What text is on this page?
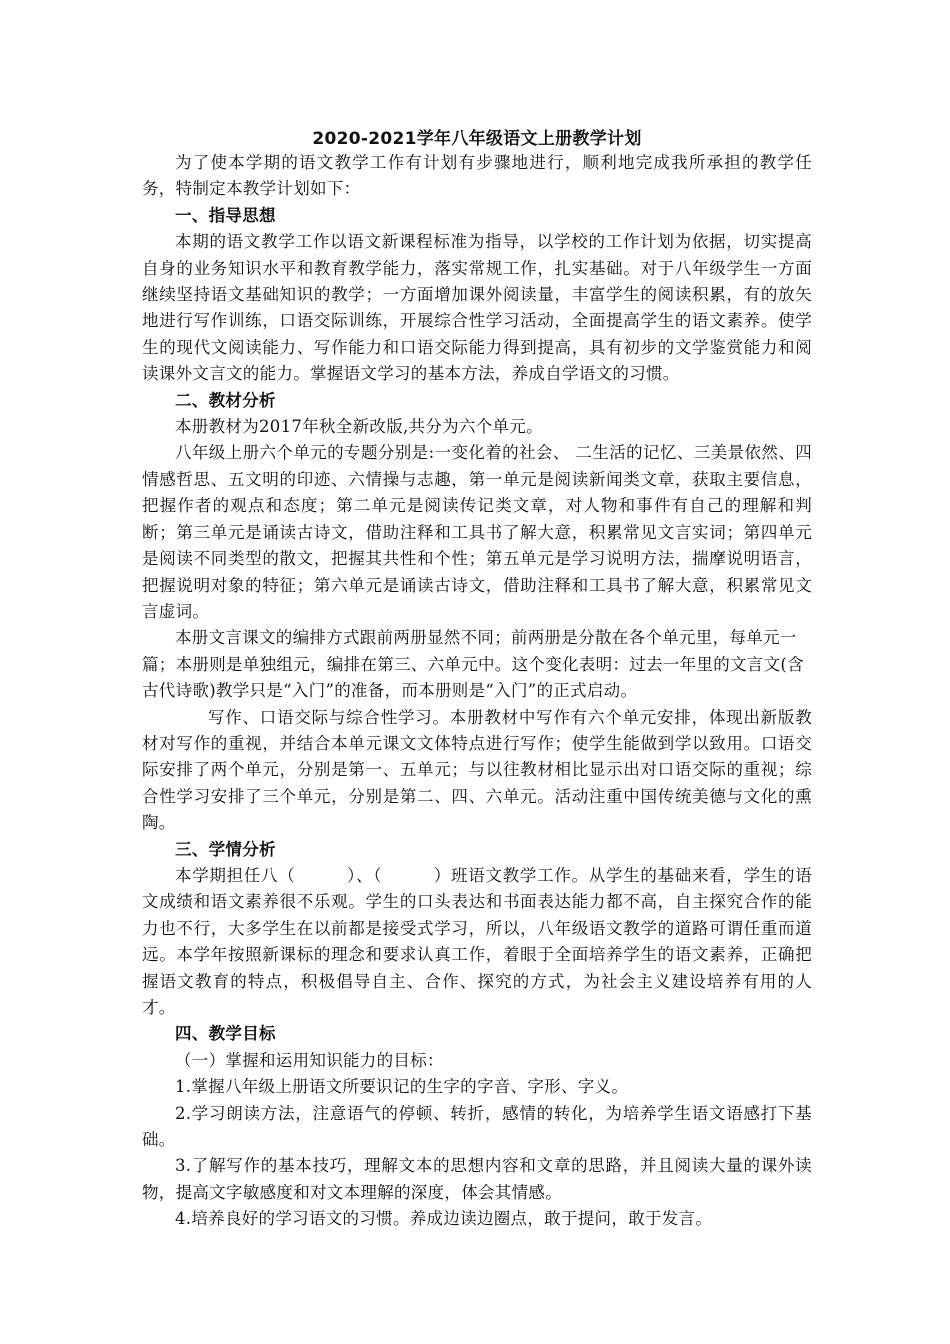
2020-2021学年八年级语文上册教学计划

为了使本学期的语文教学工作有计划有步骤地进行，顺利地完成我所承担的教学任务，特制定本教学计划如下：

一、指导思想

本期的语文教学工作以语文新课程标准为指导，以学校的工作计划为依据，切实提高自身的业务知识水平和教育教学能力，落实常规工作，扎实基础。对于八年级学生一方面继续坚持语文基础知识的教学；一方面增加课外阅读量，丰富学生的阅读积累，有的放矢地进行写作训练，口语交际训练，开展综合性学习活动，全面提高学生的语文素养。使学生的现代文阅读能力、写作能力和口语交际能力得到提高，具有初步的文学鉴赏能力和阅读课外文言文的能力。掌握语文学习的基本方法，养成自学语文的习惯。

二、教材分析

本册教材为2017年秋全新改版,共分为六个单元。

八年级上册六个单元的专题分别是:一变化着的社会、 二生活的记忆、三美景依然、四情感哲思、五文明的印迹、六情操与志趣，第一单元是阅读新闻类文章，获取主要信息，把握作者的观点和态度；第二单元是阅读传记类文章，对人物和事件有自己的理解和判断；第三单元是诵读古诗文，借助注释和工具书了解大意，积累常见文言实词；第四单元是阅读不同类型的散文，把握其共性和个性；第五单元是学习说明方法，揣摩说明语言，把握说明对象的特征；第六单元是诵读古诗文，借助注释和工具书了解大意，积累常见文言虚词。

本册文言课文的编排方式跟前两册显然不同；前两册是分散在各个单元里，每单元一篇；本册则是单独组元，编排在第三、六单元中。这个变化表明：过去一年里的文言文(含古代诗歌)教学只是“入门”的准备，而本册则是“入门”的正式启动。

写作、口语交际与综合性学习。本册教材中写作有六个单元安排，体现出新版教材对写作的重视，并结合本单元课文文体特点进行写作；使学生能做到学以致用。口语交际安排了两个单元，分别是第一、五单元；与以往教材相比显示出对口语交际的重视；综合性学习安排了三个单元，分别是第二、四、六单元。活动注重中国传统美德与文化的熏陶。

三、学情分析

本学期担任八（　　　）、（　　　）班语文教学工作。从学生的基础来看，学生的语文成绩和语文素养很不乐观。学生的口头表达和书面表达能力都不高，自主探究合作的能力也不行，大多学生在以前都是接受式学习，所以，八年级语文教学的道路可谓任重而道远。本学年按照新课标的理念和要求认真工作，着眼于全面培养学生的语文素养，正确把握语文教育的特点，积极倡导自主、合作、探究的方式，为社会主义建设培养有用的人才。

四、教学目标

（一）掌握和运用知识能力的目标：

1.掌握八年级上册语文所要识记的生字的字音、字形、字义。

2.学习朗读方法，注意语气的停顿、转折，感情的转化，为培养学生语文语感打下基础。

3.了解写作的基本技巧，理解文本的思想内容和文章的思路，并且阅读大量的课外读物，提高文字敏感度和对文本理解的深度，体会其情感。

4.培养良好的学习语文的习惯。养成边读边圈点，敢于提问，敢于发言。
